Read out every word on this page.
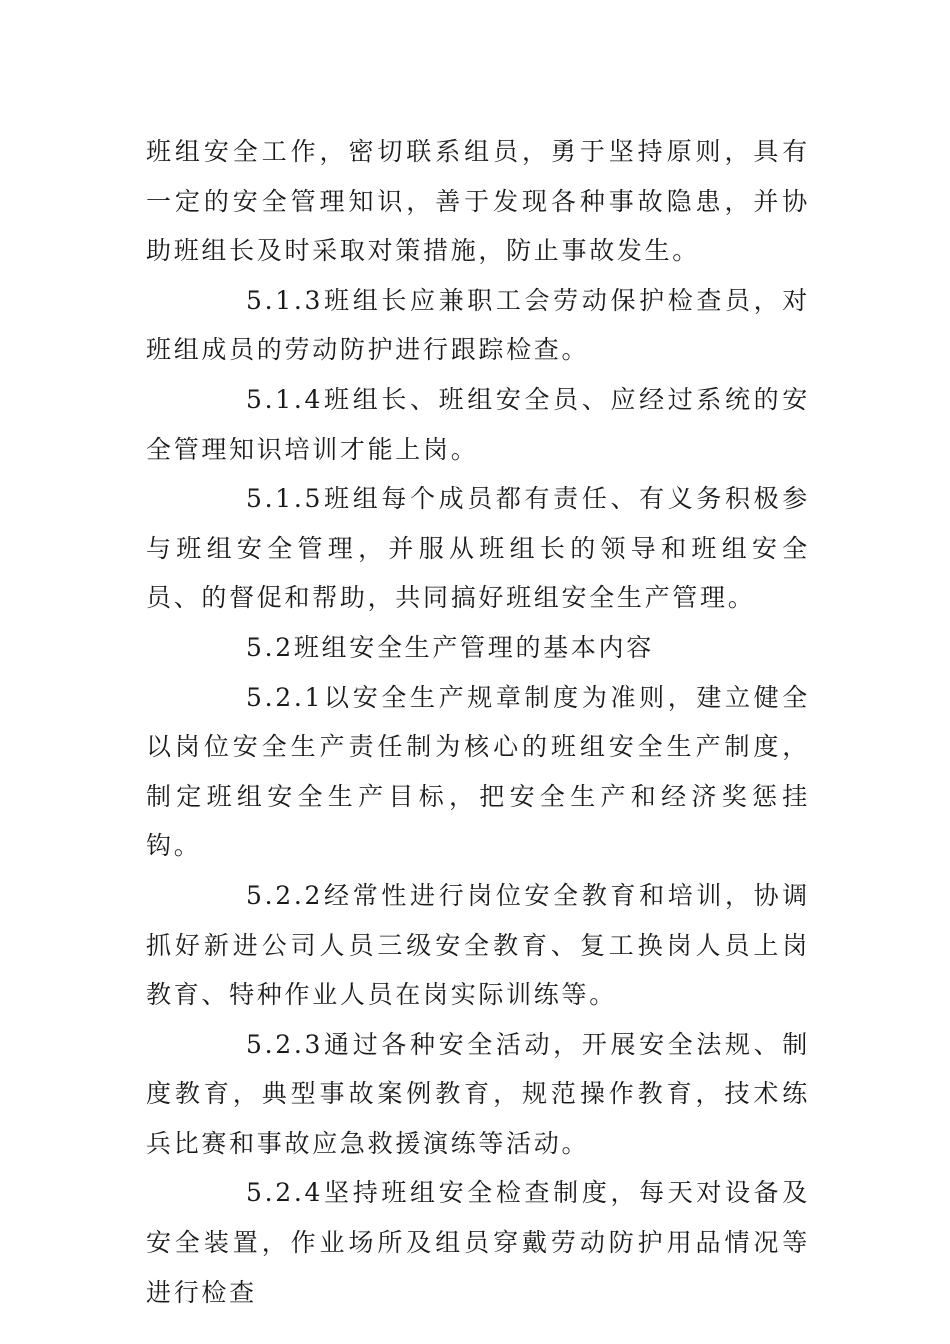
班组安全工作，密切联系组员，勇于坚持原则，具有一定的安全管理知识，善于发现各种事故隐患，并协助班组长及时采取对策措施，防止事故发生。

5.1.3班组长应兼职工会劳动保护检查员，对班组成员的劳动防护进行跟踪检查。

5.1.4班组长、班组安全员、应经过系统的安全管理知识培训才能上岗。

5.1.5班组每个成员都有责任、有义务积极参与班组安全管理，并服从班组长的领导和班组安全员、的督促和帮助，共同搞好班组安全生产管理。

5.2班组安全生产管理的基本内容

5.2.1以安全生产规章制度为准则，建立健全以岗位安全生产责任制为核心的班组安全生产制度，制定班组安全生产目标，把安全生产和经济奖惩挂钩。

5.2.2经常性进行岗位安全教育和培训，协调抓好新进公司人员三级安全教育、复工换岗人员上岗教育、特种作业人员在岗实际训练等。

5.2.3通过各种安全活动，开展安全法规、制度教育，典型事故案例教育，规范操作教育，技术练兵比赛和事故应急救援演练等活动。

5.2.4坚持班组安全检查制度，每天对设备及安全装置，作业场所及组员穿戴劳动防护用品情况等进行检查
